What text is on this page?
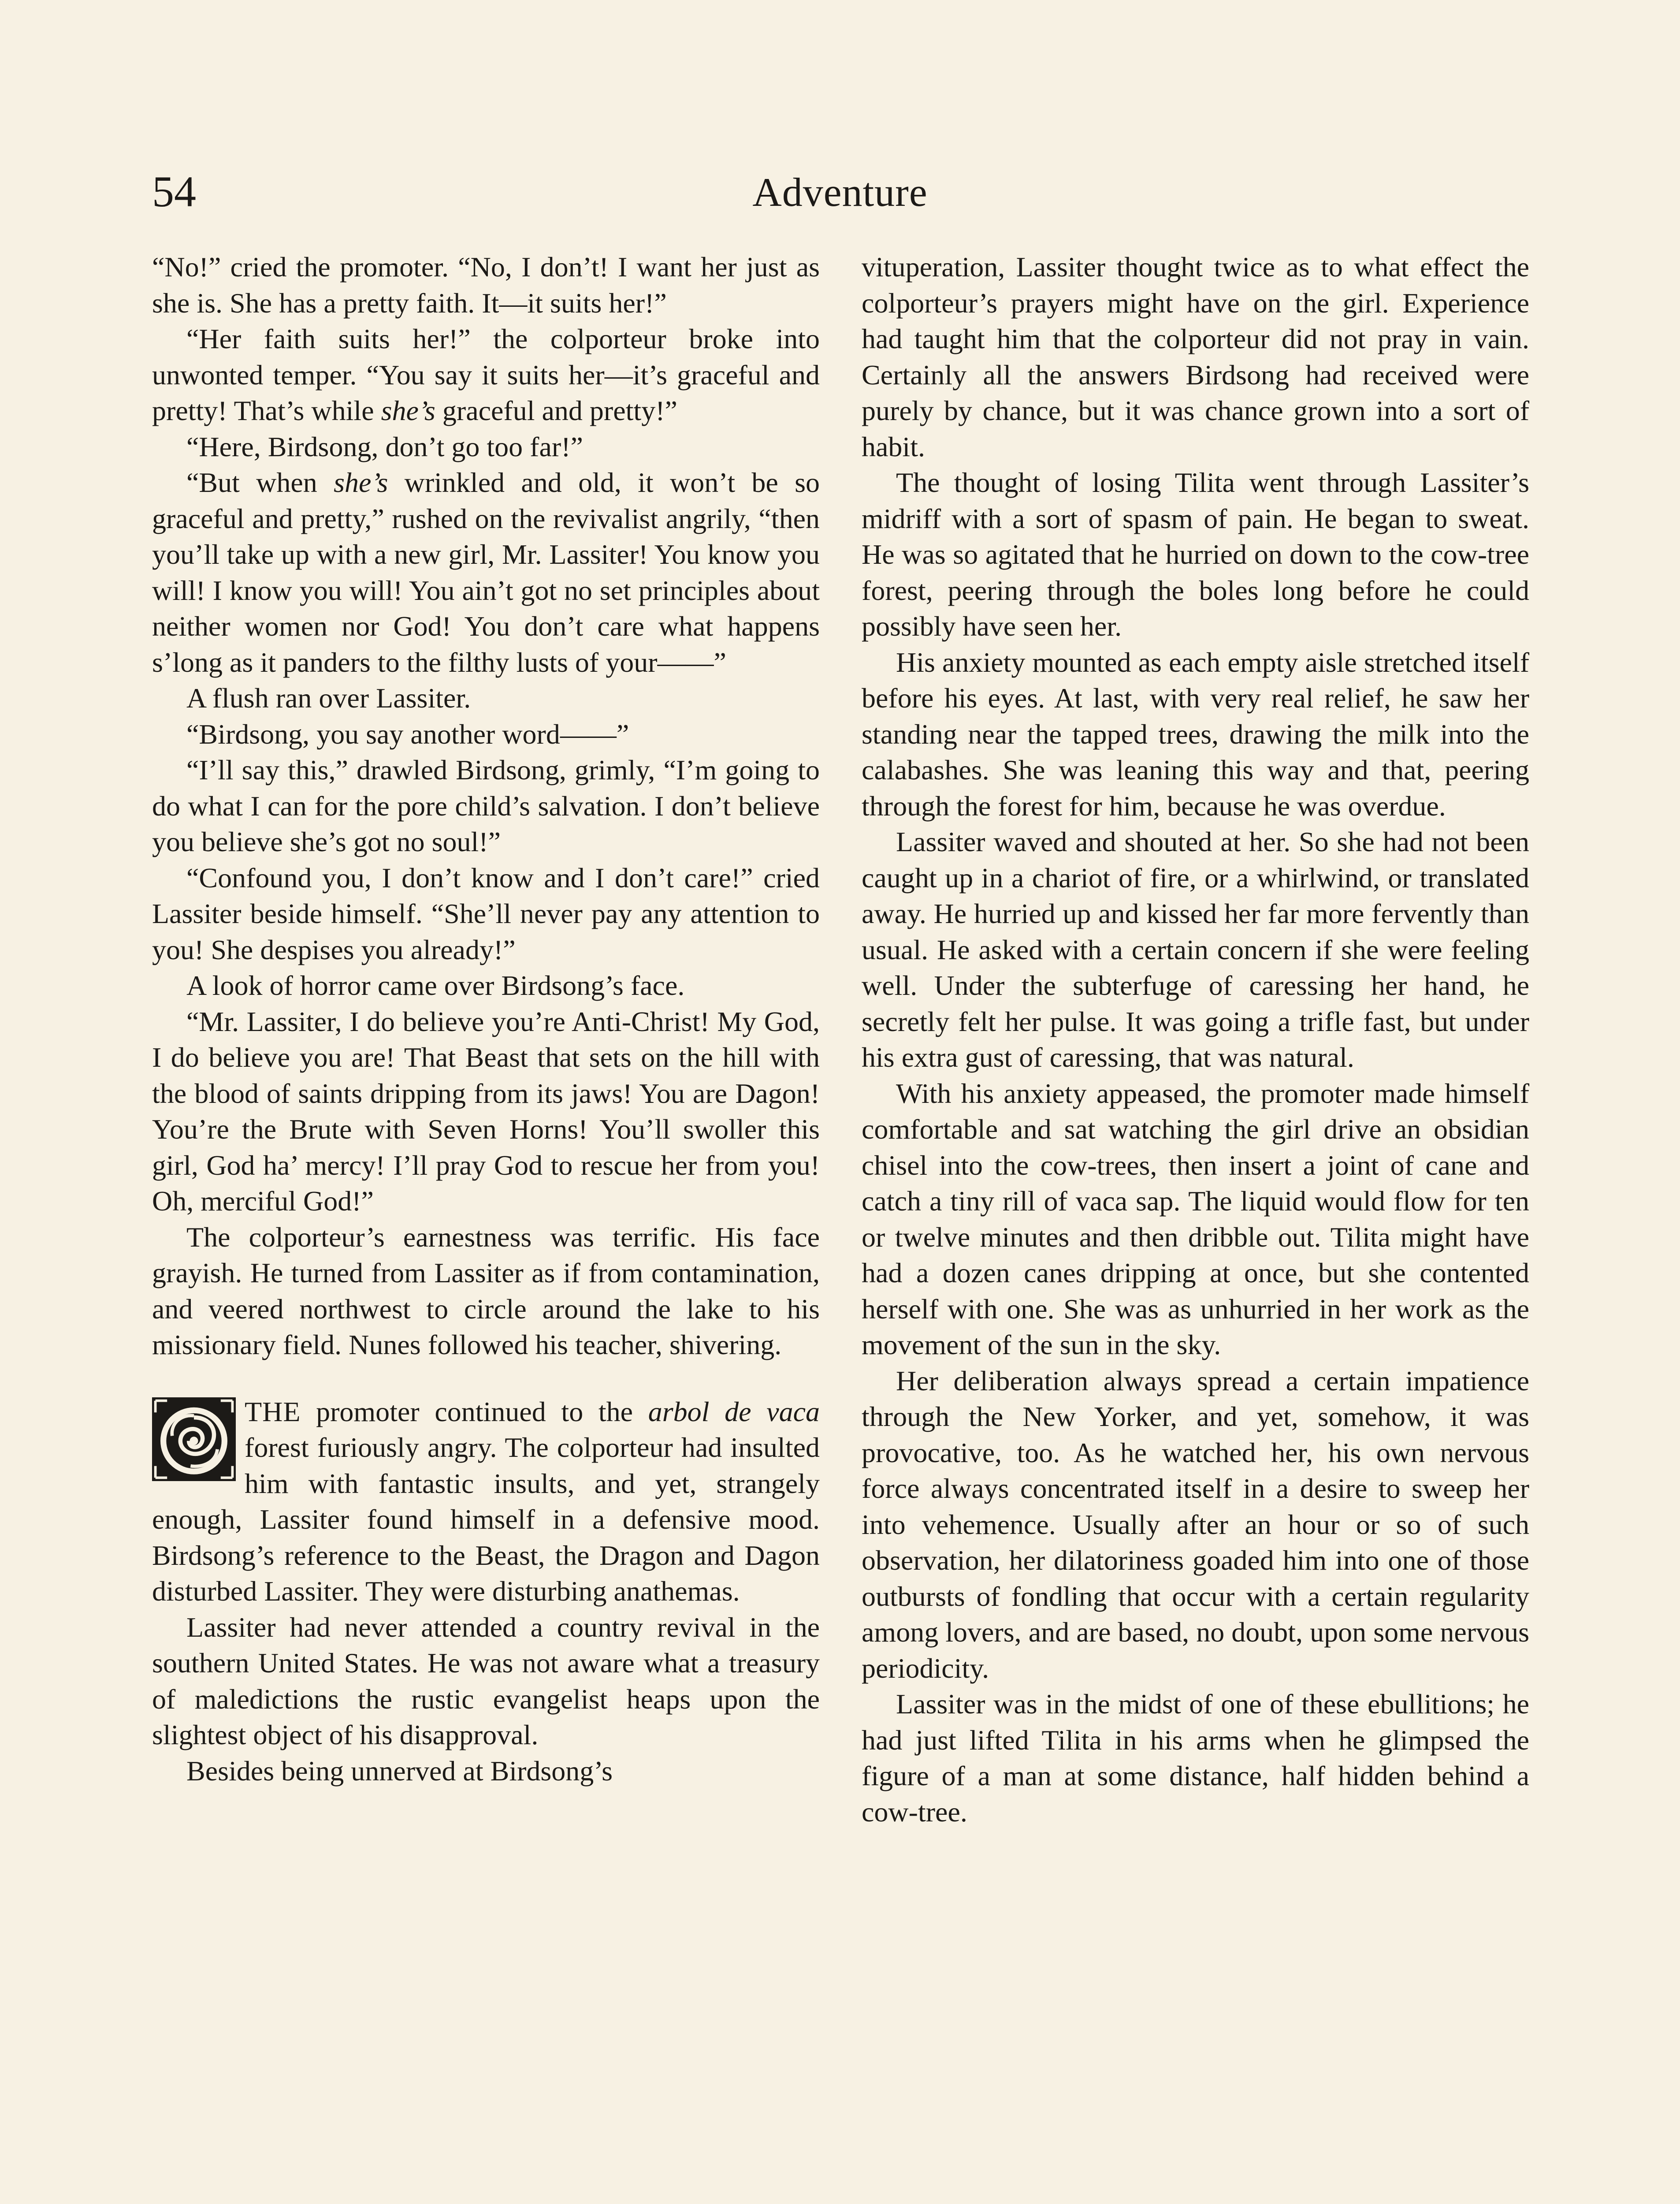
54	Adventure

“No!” cried the promoter. “No, I don’t! I want her just as she is. She has a pretty faith. It—it suits her!”

“Her faith suits her!” the colporteur broke into unwonted temper. “You say it suits her—it’s graceful and pretty! That’s while she’s graceful and pretty!”

“Here, Birdsong, don’t go too far!”

“But when she’s wrinkled and old, it won’t be so graceful and pretty,” rushed on the revivalist angrily, “then you’ll take up with a new girl, Mr. Lassiter! You know you will! I know you will! You ain’t got no set principles about neither women nor God! You don’t care what happens s’long as it panders to the filthy lusts of your——”

A flush ran over Lassiter.

“Birdsong, you say another word——”

“I’ll say this,” drawled Birdsong, grimly, “I’m going to do what I can for the pore child’s salvation. I don’t believe you believe she’s got no soul!”

“Confound you, I don’t know and I don’t care!” cried Lassiter beside himself. “She’ll never pay any attention to you! She despises you already!”

A look of horror came over Birdsong’s face.

“Mr. Lassiter, I do believe you’re Anti-Christ! My God, I do believe you are! That Beast that sets on the hill with the blood of saints dripping from its jaws! You are Dagon! You’re the Brute with Seven Horns! You’ll swoller this girl, God ha’ mercy! I’ll pray God to rescue her from you! Oh, merciful God!”

The colporteur’s earnestness was terrific. His face grayish. He turned from Lassiter as if from contamination, and veered northwest to circle around the lake to his missionary field. Nunes followed his teacher, shivering.

THE promoter continued to the arbol de vaca forest furiously angry. The colporteur had insulted him with fantastic insults, and yet, strangely enough, Lassiter found himself in a defensive mood. Birdsong’s reference to the Beast, the Dragon and Dagon disturbed Lassiter. They were disturbing anathemas.

Lassiter had never attended a country revival in the southern United States. He was not aware what a treasury of maledictions the rustic evangelist heaps upon the slightest object of his disapproval.

Besides being unnerved at Birdsong’s

vituperation, Lassiter thought twice as to what effect the colporteur’s prayers might have on the girl. Experience had taught him that the colporteur did not pray in vain. Certainly all the answers Birdsong had received were purely by chance, but it was chance grown into a sort of habit.

The thought of losing Tilita went through Lassiter’s midriff with a sort of spasm of pain. He began to sweat. He was so agitated that he hurried on down to the cow-tree forest, peering through the boles long before he could possibly have seen her.

His anxiety mounted as each empty aisle stretched itself before his eyes. At last, with very real relief, he saw her standing near the tapped trees, drawing the milk into the calabashes. She was leaning this way and that, peering through the forest for him, because he was overdue.

Lassiter waved and shouted at her. So she had not been caught up in a chariot of fire, or a whirlwind, or translated away. He hurried up and kissed her far more fervently than usual. He asked with a certain concern if she were feeling well. Under the subterfuge of caressing her hand, he secretly felt her pulse. It was going a trifle fast, but under his extra gust of caressing, that was natural.

With his anxiety appeased, the promoter made himself comfortable and sat watching the girl drive an obsidian chisel into the cow-trees, then insert a joint of cane and catch a tiny rill of vaca sap. The liquid would flow for ten or twelve minutes and then dribble out. Tilita might have had a dozen canes dripping at once, but she contented herself with one. She was as unhurried in her work as the movement of the sun in the sky.

Her deliberation always spread a certain impatience through the New Yorker, and yet, somehow, it was provocative, too. As he watched her, his own nervous force always concentrated itself in a desire to sweep her into vehemence. Usually after an hour or so of such observation, her dilatoriness goaded him into one of those outbursts of fondling that occur with a certain regularity among lovers, and are based, no doubt, upon some nervous periodicity.

Lassiter was in the midst of one of these ebullitions; he had just lifted Tilita in his arms when he glimpsed the figure of a man at some distance, half hidden behind a cow-tree.
